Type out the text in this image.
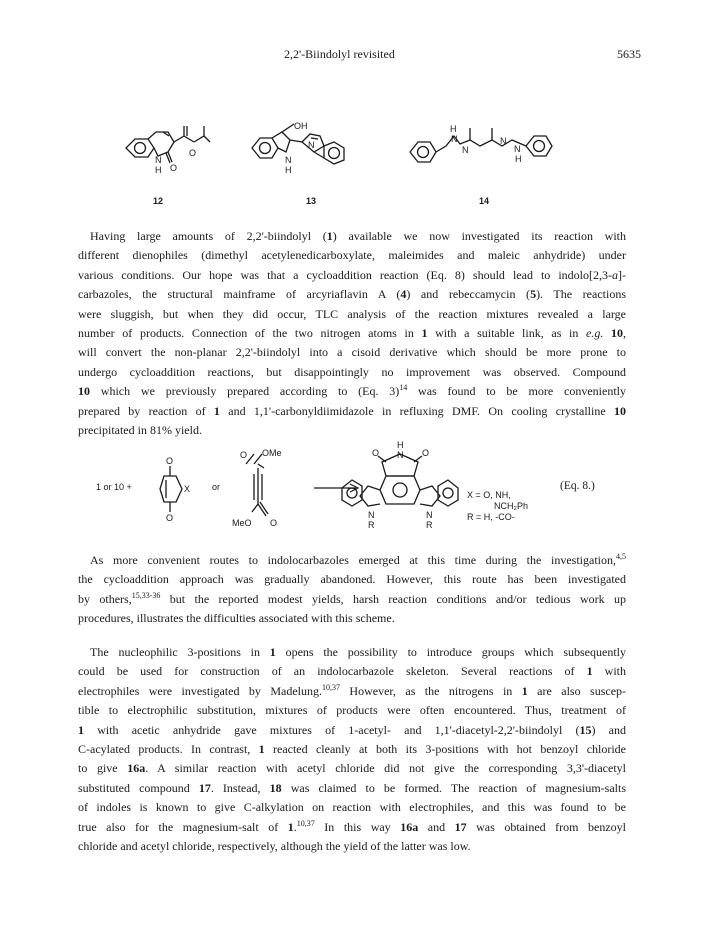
2,2'-Biindolyl revisited	5635
N
H O
O
12
OH
N
H
N
13
H
N
N
N
N
H
14

Having large amounts of 2,2'-biindolyl (1) available we now investigated its reaction with
different dienophiles (dimethyl acetylenedicarboxylate, maleimides and maleic anhydride) under
various conditions. Our hope was that a cycloaddition reaction (Eq. 8) should lead to indolo[2,3-a]-
carbazoles, the structural mainframe of arcyriaflavin A (4) and rebeccamycin (5). The reactions
were sluggish, but when they did occur, TLC analysis of the reaction mixtures revealed a large
number of products. Connection of the two nitrogen atoms in 1 with a suitable link, as in e.g. 10,
will convert the non-planar 2,2'-biindolyl into a cisoid derivative which should be more prone to
undergo cycloaddition reactions, but disappointingly no improvement was observed. Compound
10 which we previously prepared according to (Eq. 3)$^{14}$ was found to be more conveniently
prepared by reaction of 1 and 1,1'-carbonyldiimidazole in refluxing DMF. On cooling crystalline 10
precipitated in 81% yield.

1 or 10 +
O
X
O
or
O OMe
MeO O
H
N
O	O
N
R
N
R
X = O, NH,
NCH₂Ph
R = H, -CO-
(Eq. 8.)

As more convenient routes to indolocarbazoles emerged at this time during the investigation,$^{4,5}$
the cycloaddition approach was gradually abandoned. However, this route has been investigated
by others,$^{15,33-36}$ but the reported modest yields, harsh reaction conditions and/or tedious work up
procedures, illustrates the difficulties associated with this scheme.

The nucleophilic 3-positions in 1 opens the possibility to introduce groups which subsequently
could be used for construction of an indolocarbazole skeleton. Several reactions of 1 with
electrophiles were investigated by Madelung.$^{10,37}$ However, as the nitrogens in 1 are also suscep-
tible to electrophilic substitution, mixtures of products were often encountered. Thus, treatment of
1 with acetic anhydride gave mixtures of 1-acetyl- and 1,1'-diacetyl-2,2'-biindolyl (15) and
C-acylated products. In contrast, 1 reacted cleanly at both its 3-positions with hot benzoyl chloride
to give 16a. A similar reaction with acetyl chloride did not give the corresponding 3,3'-diacetyl
substituted compound 17. Instead, 18 was claimed to be formed. The reaction of magnesium-salts
of indoles is known to give C-alkylation on reaction with electrophiles, and this was found to be
true also for the magnesium-salt of 1.$^{10,37}$ In this way 16a and 17 was obtained from benzoyl
chloride and acetyl chloride, respectively, although the yield of the latter was low.
